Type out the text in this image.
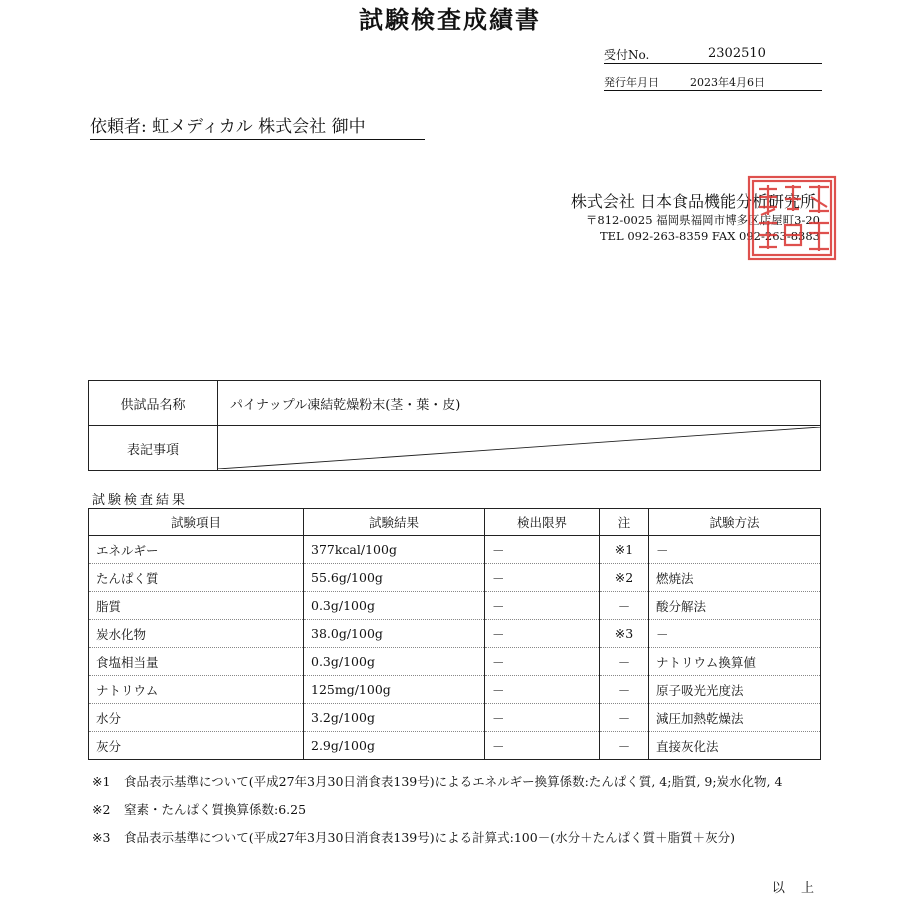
試験検査成績書
受付No.	2302510
発行年月日	2023年4月6日
依頼者: 虹メディカル 株式会社 御中
株式会社 日本食品機能分析研究所
〒812-0025 福岡県福岡市博多区店屋町3-20
TEL 092-263-8359 FAX 092-263-8383
供試品名称	パイナップル凍結乾燥粉末(茎・葉・皮)
表記事項	
試験検査結果
試験項目	試験結果	検出限界	注	試験方法
エネルギー	377kcal/100g	－	※1	－
たんぱく質	55.6g/100g	－	※2	燃焼法
脂質	0.3g/100g	－	－	酸分解法
炭水化物	38.0g/100g	－	※3	－
食塩相当量	0.3g/100g	－	－	ナトリウム換算値
ナトリウム	125mg/100g	－	－	原子吸光光度法
水分	3.2g/100g	－	－	減圧加熱乾燥法
灰分	2.9g/100g	－	－	直接灰化法
※1 食品表示基準について(平成27年3月30日消食表139号)によるエネルギー換算係数:たんぱく質, 4;脂質, 9;炭水化物, 4
※2 窒素・たんぱく質換算係数:6.25
※3 食品表示基準について(平成27年3月30日消食表139号)による計算式:100－(水分＋たんぱく質＋脂質＋灰分)
以 上
